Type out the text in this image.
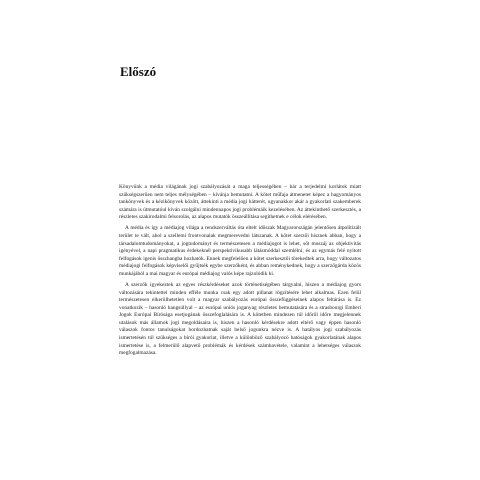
Előszó

Könyvünk a média világának jogi szabályozását a maga teljességében – bár a terjedelmi korlátok miatt szükségszerűen nem teljes mélységében – kívánja bemutatni. A kötet műfaja átmenetet képez a hagyományos tankönyvek és a kézikönyvek között, áttekinti a média jogi hátterét, ugyanakkor akár a gyakorlati szakemberek számára is útmutatóul kíván szolgálni mindennapos jogi problémáik kezelésében. Az áttekinthető szerkesztés, a részletes szakirodalmi felsorolás, az alapos mutatók összeállítása segíthetnek e célok elérésében.

A média és így a médiajog világa a rendszerváltás óta eltelt időszak Magyarországán jelentősen átpolitizált terület te vált, ahol a szellemi frontvonalak megmerevedni látszanak. A kötet szerzői hisznek abban, hogy a társadalomtudományokat, a jogtudományt és természetesen a médiajogot is lehet, sőt muszáj az objektivitás igényével, a napi pragmatikus érdekeknél perspektivikusabb látásmóddal szemlélni, és az egymás felé nyitott felfogások igenis összhangba hozhatók. Ennek megfelelően a kötet szerkesztői törekedtek arra, hogy változatos médiajogi felfogások képviselői gyűjtsék egybe szerzőként, és abban reménykednek, hogy a szerzőgárda közös munkájából a mai magyar és európai médiajog valós képe rajzolódik ki.

A szerzők igyekeztek az egyes részkérdéseket azok történetiségében tárgyalni, hiszen a médiajog gyors változására tekintettel minden efféle munka csak egy adott pillanat rögzítésére lehet alkalmas. Ezen felül természetesen elkerülhetetlen volt a magyar szabályozás európai összefüggéseinek alapos feltárása is. Ez vonatkozik – hasonló hangsúllyal – az európai uniós joganyag részletes bemutatására és a strasbourgi Emberi Jogok Európai Bírósága esetjogának összefoglalására is. A kötetben mindezen túl időről időre megjelennek utalások más államok jogi megoldásaira is, hiszen a hasonló kérdésekre adott eltérő vagy éppen hasonló válaszok fontos tanulságokat hordozhatnak saját belső jogunkra nézve is. A hatályos jogi szabályozás ismertetésén túl szükséges a bírói gyakorlat, illetve a különböző szabályozó hatóságok gyakorlatának alapos ismertetése is, a felmerülő alapvető problémák és kérdések számbavétele, valamint a lehetséges válaszok megfogalmazása.
